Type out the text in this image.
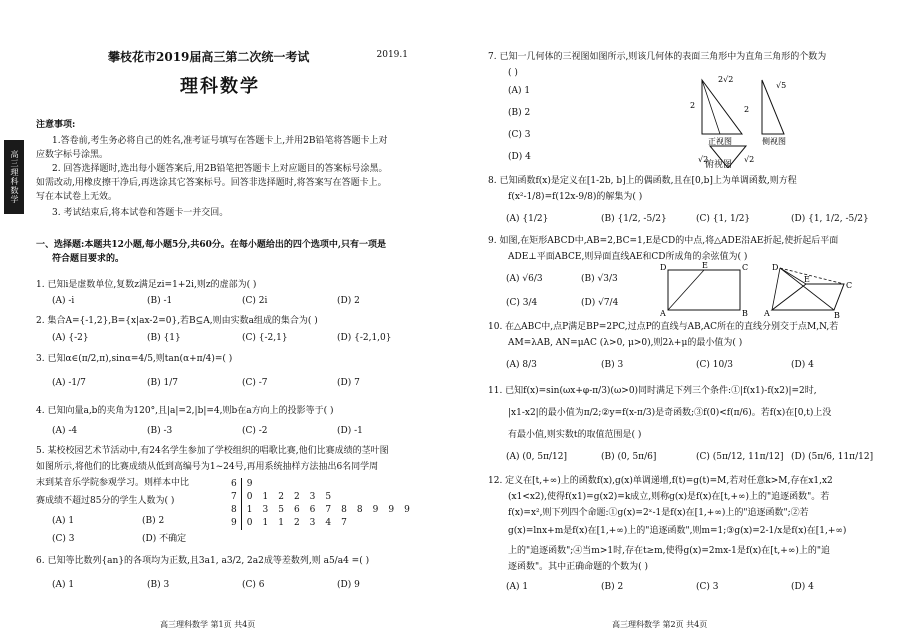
高三理科数学
攀枝花市2019届高三第二次统一考试	2019.1
理科数学
注意事项:
1.答卷前,考生务必将自己的姓名,准考证号填写在答题卡上,并用2B铅笔将答题卡上对
应数字标号涂黑。
2. 回答选择题时,选出每小题答案后,用2B铅笔把答题卡上对应题目的答案标号涂黑。
如需改动,用橡皮擦干净后,再选涂其它答案标号。回答非选择题时,将答案写在答题卡上。
写在本试卷上无效。
3. 考试结束后,将本试卷和答题卡一并交回。
一、选择题:本题共12小题,每小题5分,共60分。在每小题给出的四个选项中,只有一项是
符合题目要求的。
1. 已知i是虚数单位,复数z满足zi=1+2i,则z的虚部为( )
(A) -i	(B) -1	(C) 2i	(D) 2
2. 集合A={-1,2},B={x|ax-2=0},若B⊆A,则由实数a组成的集合为( )
(A) {-2}	(B) {1}	(C) {-2,1}	(D) {-2,1,0}
3. 已知α∈(π/2,π),sinα=4/5,则tan(α+π/4)=( )
(A) -1/7	(B) 1/7	(C) -7	(D) 7
4. 已知向量a,b的夹角为120°,且|a|=2,|b|=4,则b在a方向上的投影等于( )
(A) -4	(B) -3	(C) -2	(D) -1
5. 某校校园艺术节活动中,有24名学生参加了学校组织的唱歌比赛,他们比赛成绩的茎叶图
如图所示,将他们的比赛成绩从低到高编号为1~24号,再用系统抽样方法抽出6名同学周
末到某音乐学院参观学习。则样本中比
赛成绩不超过85分的学生人数为( )
(A) 1	(B) 2
(C) 3	(D) 不确定
6	9										
7	0	1	2	2	3	5					
8	1	3	5	6	6	7	8	8	9	9	9
9	0	1	1	2	3	4	7				
6. 已知等比数列{an}的各项均为正数,且3a1, a3/2, 2a2成等差数列,则 a5/a4 =( )
(A) 1	(B) 3	(C) 6	(D) 9
高三理科数学 第1页 共4页
7. 已知一几何体的三视图如图所示,则该几何体的表面三角形中为直角三角形的个数为
( )
(A) 1
(B) 2
(C) 3
(D) 4
2√2
2	2
√5
正视图	侧视图
√2	√2
俯视图
8. 已知函数f(x)是定义在[1-2b, b]上的偶函数,且在[0,b]上为单调函数,则方程
f(x²-1/8)=f(12x-9/8)的解集为( )
(A) {1/2}	(B) {1/2, -5/2}	(C) {1, 1/2}	(D) {1, 1/2, -5/2}
9. 如图,在矩形ABCD中,AB=2,BC=1,E是CD的中点,将△ADE沿AE折起,使折起后平面
ADE⊥平面ABCE,则异面直线AE和CD所成角的余弦值为( )
(A) √6/3	(B) √3/3
(C) 3/4	(D) √7/4
D	E	C
A	B
D
E
C
A	B
10. 在△ABC中,点P满足BP=2PC,过点P的直线与AB,AC所在的直线分别交于点M,N,若
AM=λAB, AN=μAC (λ>0, μ>0),则2λ+μ的最小值为( )
(A) 8/3	(B) 3	(C) 10/3	(D) 4
11. 已知f(x)=sin(ωx+φ-π/3)(ω>0)同时满足下列三个条件:①|f(x1)-f(x2)|=2时,
|x1-x2|的最小值为π/2;②y=f(x-π/3)是奇函数;③f(0)<f(π/6)。若f(x)在[0,t)上没
有最小值,则实数t的取值范围是( )
(A) (0, 5π/12]	(B) (0, 5π/6]	(C) (5π/12, 11π/12] (D) (5π/6, 11π/12]
12. 定义在[t,+∞)上的函数f(x),g(x)单调递增,f(t)=g(t)=M,若对任意k>M,存在x1,x2
(x1<x2),使得f(x1)=g(x2)=k成立,则称g(x)是f(x)在[t,+∞)上的"追逐函数"。若
f(x)=x²,则下列四个命题:①g(x)=2ˣ-1是f(x)在[1,+∞)上的"追逐函数";②若
g(x)=lnx+m是f(x)在[1,+∞)上的"追逐函数",则m=1;③g(x)=2-1/x是f(x)在[1,+∞)
上的"追逐函数";④当m>1时,存在t≥m,使得g(x)=2mx-1是f(x)在[t,+∞)上的"追
逐函数"。其中正确命题的个数为( )
(A) 1	(B) 2	(C) 3	(D) 4
高三理科数学 第2页 共4页
